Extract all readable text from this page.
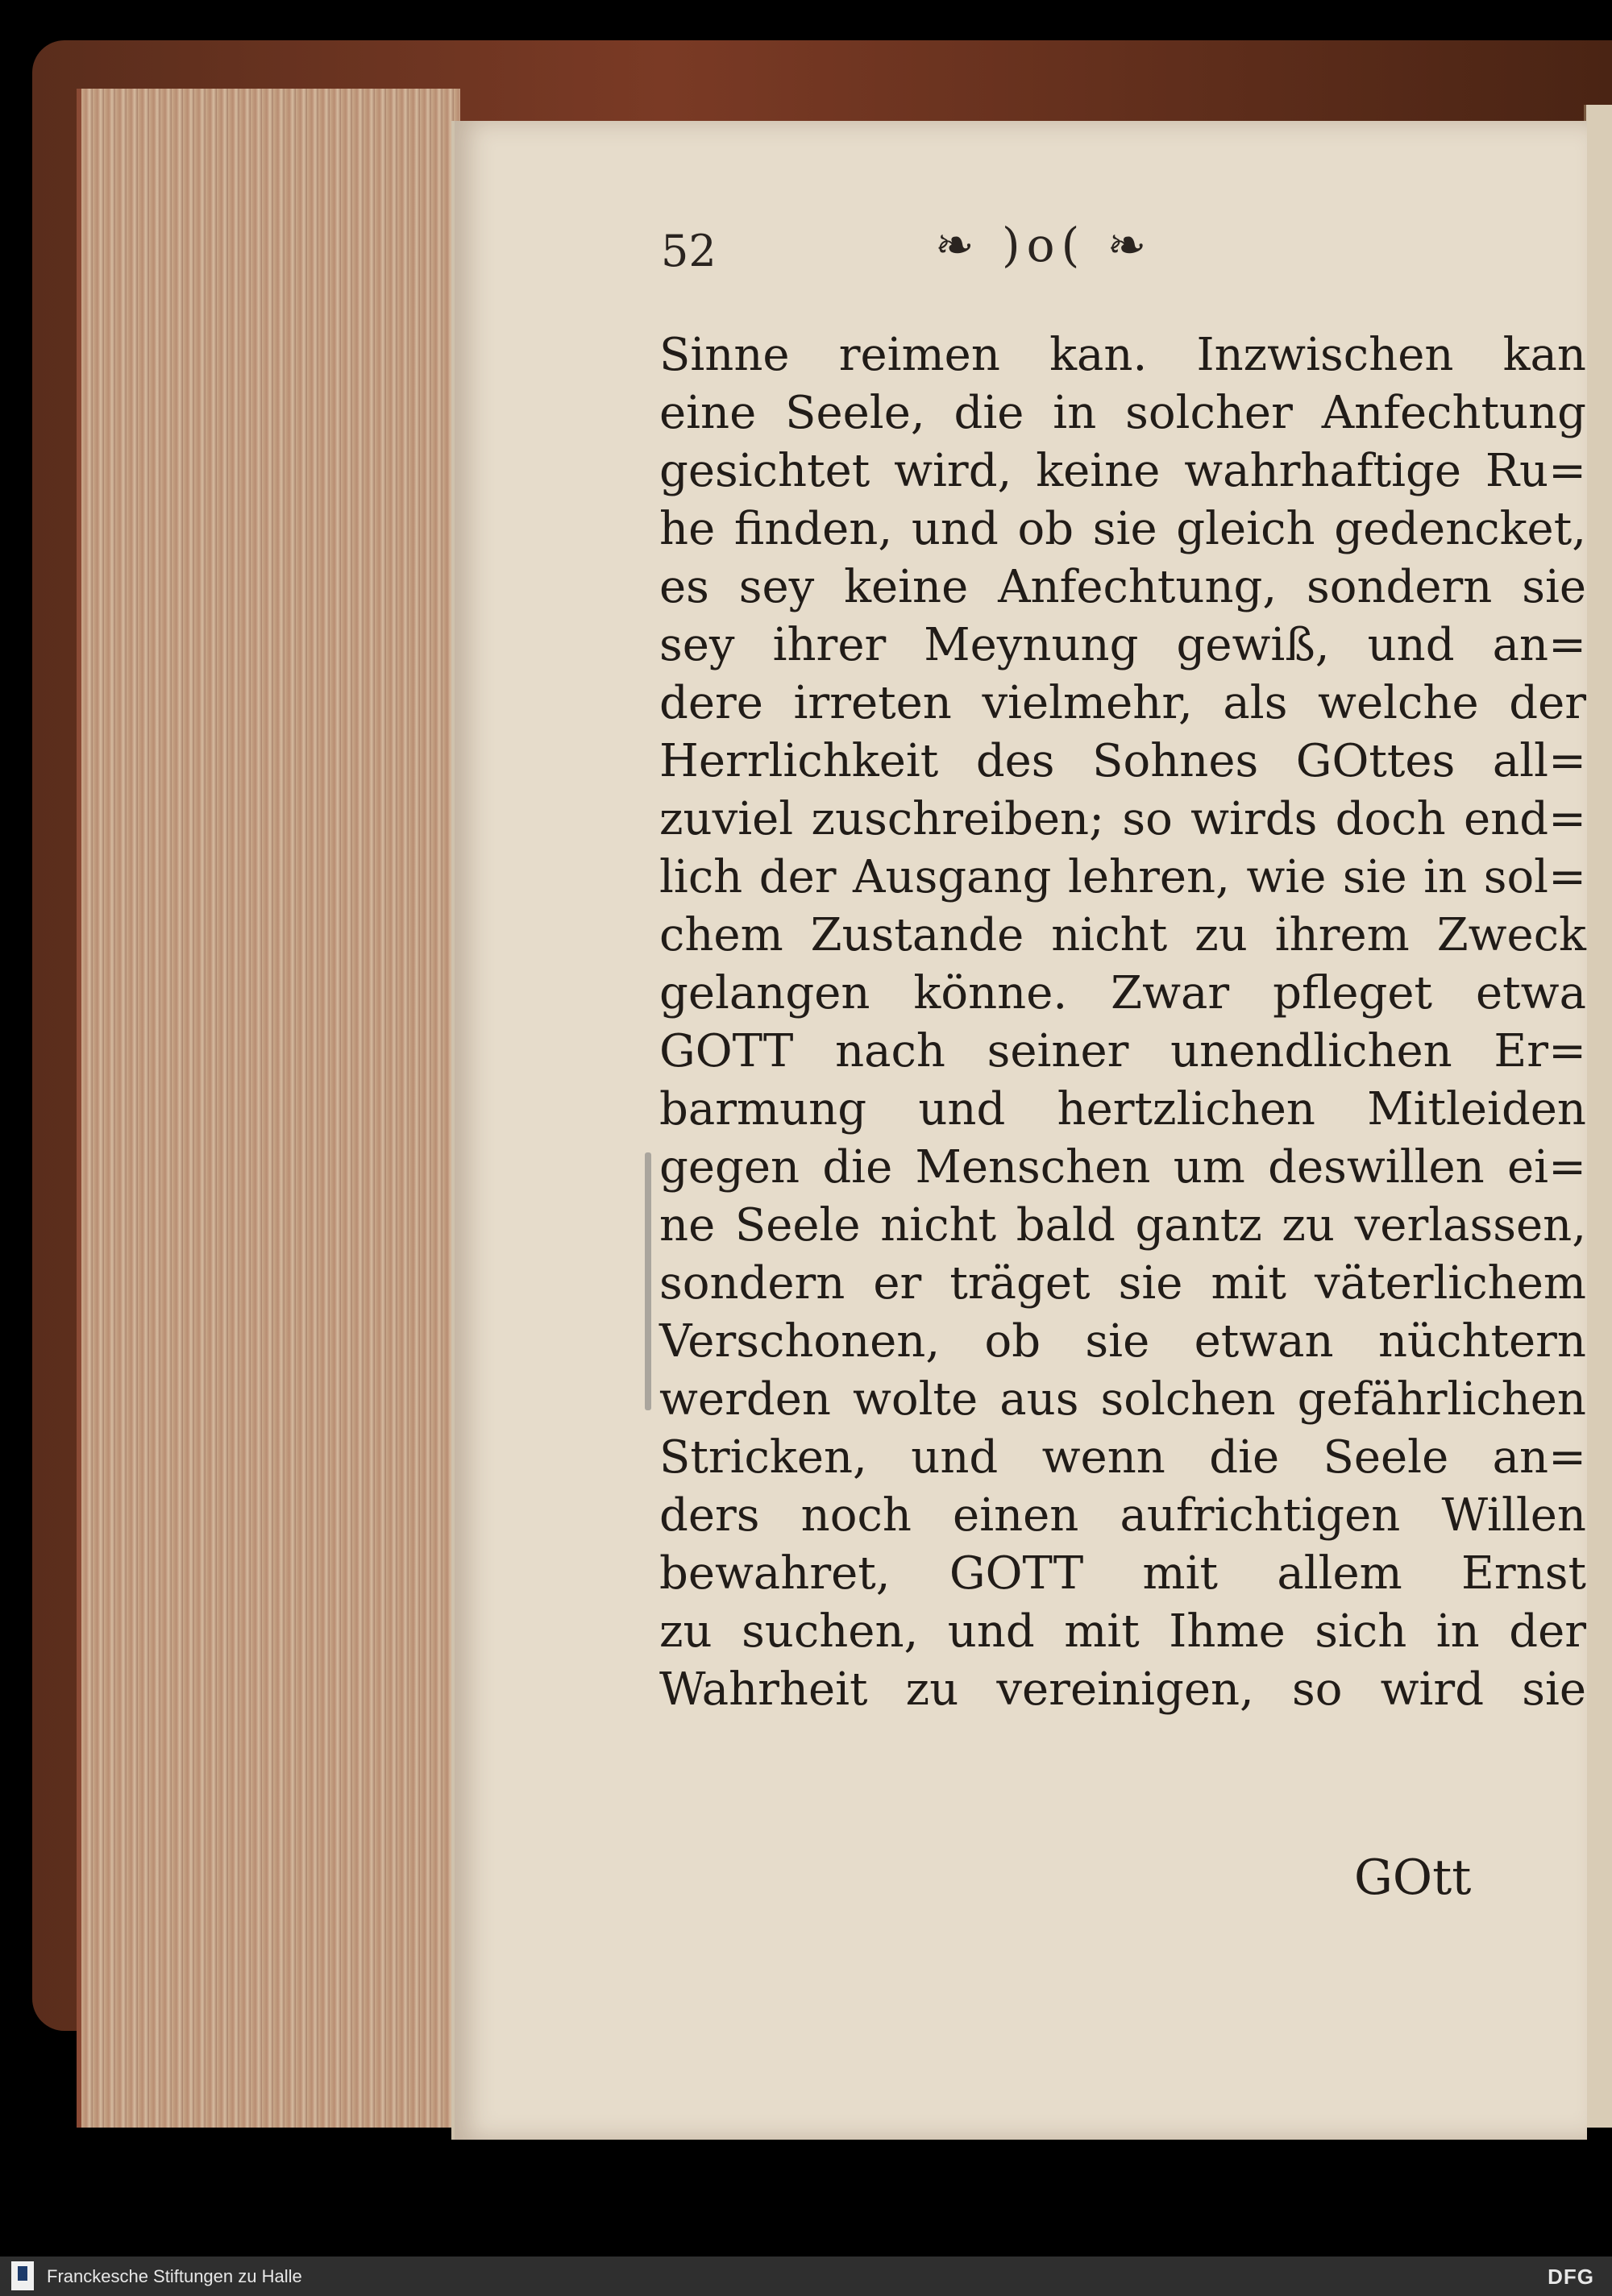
52	❧ )o( ❧
Sinne reimen kan. Inzwischen kan
eine Seele, die in solcher Anfechtung
gesichtet wird, keine wahrhaftige Ru=
he finden, und ob sie gleich gedencket,
es sey keine Anfechtung, sondern sie
sey ihrer Meynung gewiß, und an=
dere irreten vielmehr, als welche der
Herrlichkeit des Sohnes GOttes all=
zuviel zuschreiben; so wirds doch end=
lich der Ausgang lehren, wie sie in sol=
chem Zustande nicht zu ihrem Zweck
gelangen könne. Zwar pfleget etwa
GOTT nach seiner unendlichen Er=
barmung und hertzlichen Mitleiden
gegen die Menschen um deswillen ei=
ne Seele nicht bald gantz zu verlassen,
sondern er träget sie mit väterlichem
Verschonen, ob sie etwan nüchtern
werden wolte aus solchen gefährlichen
Stricken, und wenn die Seele an=
ders noch einen aufrichtigen Willen
bewahret, GOTT mit allem Ernst
zu suchen, und mit Ihme sich in der
Wahrheit zu vereinigen, so wird sie
GOtt
Franckesche Stiftungen zu Halle	DFG
